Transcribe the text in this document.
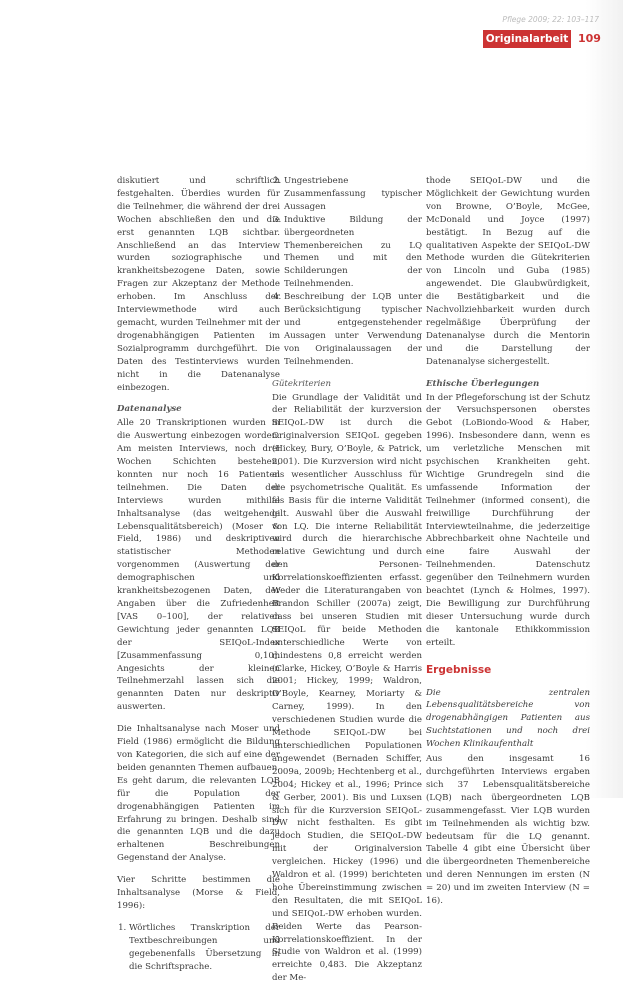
Pflege 2009; 22: 103–117
Originalarbeit 109

diskutiert und schriftlich festgehalten. Überdies wurden für die Teilnehmer, die während der drei Wochen abschließen den und die erst genannten LQB sichtbar. Anschließend an das Interview wurden soziographische und krankheitsbezogene Daten, sowie Fragen zur Akzeptanz der Methode erhoben. Im Anschluss der Interviewmethode wird auch gemacht, wurden Teilnehmer mit der drogenabhängigen Patienten im Sozialprogramm durchgeführt. Die Daten des Testinterviews wurden nicht in die Datenanalyse einbezogen.

Datenanalyse

Alle 20 Transkriptionen wurden in die Auswertung einbezogen worden. Am meisten Interviews, noch drei Wochen Schichten bestehen, konnten nur noch 16 Patienten teilnehmen. Die Daten der Interviews wurden mithilfe Inhaltsanalyse (das weitgehende Lebensqualitätsbereich) (Moser & Field, 1986) und deskriptiven statistischer Methoden vorgenommen (Auswertung der demographischen und krankheitsbezogenen Daten, der Angaben über die Zufriedenheit [VAS 0–100], der relativen Gewichtung jeder genannten LQB der SEIQoL-Index [Zusammenfassung 0,10]. Angesichts der kleinen Teilnehmerzahl lassen sich die genannten Daten nur deskriptiv auswerten.

Die Inhaltsanalyse nach Moser und Field (1986) ermöglicht die Bildung von Kategorien, die sich auf eine der beiden genannten Themen aufbauen. Es geht darum, die relevanten LQB für die Population der drogenabhängigen Patienten im Erfahrung zu bringen. Deshalb sind die genannten LQB und die dazu erhaltenen Beschreibungen Gegenstand der Analyse.

Vier Schritte bestimmen die Inhaltsanalyse (Morse & Field, 1996):

1. Wörtliches Transkription der Textbeschreibungen und gegebenenfalls Übersetzung in die Schriftsprache.
2. Ungestriebene Zusammenfassung typischer Aussagen
3. Induktive Bildung der übergeordneten Themenbereichen zu LQ Themen und mit den Schilderungen der Teilnehmenden.
4. Beschreibung der LQB unter Berücksichtigung typischer und entgegenstehender Aussagen unter Verwendung von Originalaussagen der Teilnehmenden.
Gütekriterien

Die Grundlage der Validität und der Reliabilität der kurzversion SEIQoL-DW ist durch die Originalversion SEIQoL gegeben (Hickey, Bury, O’Boyle, & Patrick, 2001). Die Kurzversion wird nicht als wesentlicher Ausschluss für die psychometrische Qualität. Es als Basis für die interne Validität gilt. Auswahl über die Auswahl von LQ. Die interne Reliabilität wird durch die hierarchische relative Gewichtung und durch den Personen-Korrelationskoeffizienten erfasst. Weder die Literaturangaben von Brandon Schiller (2007a) zeigt, dass bei unseren Studien mit SEIQoL für beide Methoden unterschiedliche Werte von mindestens 0,8 erreicht werden (Clarke, Hickey, O’Boyle & Harris 2001; Hickey, 1999; Waldron, O’Boyle, Kearney, Moriarty & Carney, 1999). In den verschiedenen Studien wurde die Methode SEIQoL-DW bei unterschiedlichen Populationen angewendet (Bernaden Schiffer, 2009a, 2009b; Hechtenberg et al., 2004; Hickey et al., 1996; Prince & Gerber, 2001). Bis und Luxsen sich für die Kurzversion SEIQoL-DW nicht festhalten. Es gibt jedoch Studien, die SEIQoL-DW mit der Originalversion vergleichen. Hickey (1996) und Waldron et al. (1999) berichteten hohe Übereinstimmung zwischen den Resultaten, die mit SEIQoL und SEIQoL-DW erhoben wurden. Beiden Werte das Pearson-Korrelationskoeffizient. In der Studie von Waldron et al. (1999) erreichte 0,483. Die Akzeptanz der Me-

thode SEIQoL-DW und die Möglichkeit der Gewichtung wurden von Browne, O’Boyle, McGee, McDonald und Joyce (1997) bestätigt. In Bezug auf die qualitativen Aspekte der SEIQoL-DW Methode wurden die Gütekriterien von Lincoln und Guba (1985) angewendet. Die Glaubwürdigkeit, die Bestätigbarkeit und die Nachvollziehbarkeit wurden durch regelmäßige Überprüfung der Datenanalyse durch die Mentorin und die Darstellung der Datenanalyse sichergestellt.

Ethische Überlegungen

In der Pflegeforschung ist der Schutz der Versuchspersonen oberstes Gebot (LoBiondo-Wood & Haber, 1996). Insbesondere dann, wenn es um verletzliche Menschen mit psychischen Krankheiten geht. Wichtige Grundregeln sind die umfassende Information der Teilnehmer (informed consent), die freiwillige Durchführung der Interviewteilnahme, die jederzeitige Abbrechbarkeit ohne Nachteile und eine faire Auswahl der Teilnehmenden. Datenschutz gegenüber den Teilnehmern wurden beachtet (Lynch & Holmes, 1997). Die Bewilligung zur Durchführung dieser Untersuchung wurde durch die kantonale Ethikkommission erteilt.

Ergebnisse

Die zentralen Lebensqualitätsbereiche von drogenabhängigen Patienten aus Suchtstationen und noch drei Wochen Klinikaufenthalt

Aus den insgesamt 16 durchgeführten Interviews ergaben sich 37 Lebensqualitätsbereiche (LQB) nach übergeordneten LQB zusammengefasst. Vier LQB wurden im Teilnehmenden als wichtig bzw. bedeutsam für die LQ genannt. Tabelle 4 gibt eine Übersicht über die übergeordneten Themenbereiche und deren Nennungen im ersten (N = 20) und im zweiten Interview (N = 16).
